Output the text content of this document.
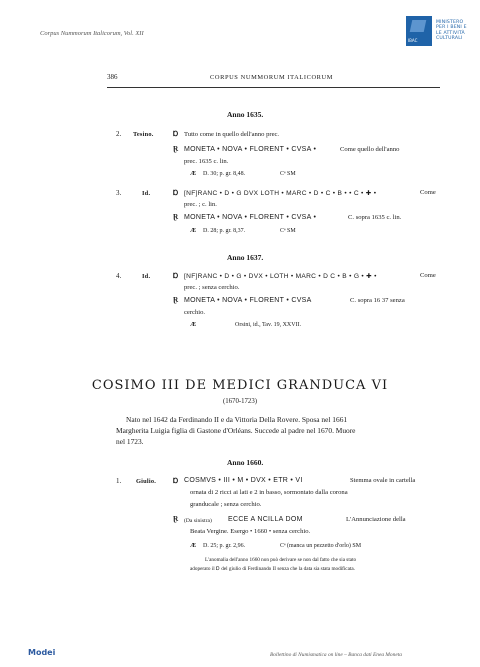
Corpus Nummorum Italicorum, Vol. XII
IBAC
MINISTERO
PER I BENI E
LE ATTIVITÀ
CULTURALI
386	CORPUS NUMMORUM ITALICORUM
Anno 1635.
2. Tesino.	Ɒ Tutto come in quello dell'anno prec.
Ɽ MONETA • NOVA • FLORENT • CVSA •	Come quello dell'anno
prec. 1635 c. lin.
Æ D. 30; p. gr. 8,48.	Cᵉ SM
3.	Id.	Ɒ [NF]RANC • D • G DVX LOTH • MARC • D • C • B • • C • ✚ •	Come
prec. ; c. lin.
Ɽ MONETA • NOVA • FLORENT • CVSA •	C. sopra 1635 c. lin.
Æ D. 28; p. gr. 8,37.	Cᵉ SM
Anno 1637.
4.	Id.	Ɒ [NF]RANC • D • G • DVX • LOTH • MARC • D C • B • G • ✚ •	Come
prec. ; senza cerchio.
Ɽ MONETA • NOVA • FLORENT • CVSA	C. sopra 16 37 senza
cerchio.
Æ	Orsini, id., Tav. 19, XXVII.
COSIMO III DE MEDICI GRANDUCA VI
(1670-1723)
Nato nel 1642 da Ferdinando II e da Vittoria Della Rovere. Sposa nel 1661
Margherita Luigia figlia di Gastone d'Orléans. Succede al padre nel 1670. Muore
nel 1723.
Anno 1660.
1. Giulio. Ɒ COSMVS • III • M • DVX • ETR • VI	Stemma ovale in cartella
ornata di 2 ricci ai lati e 2 in basso, sormontato dalla corona
granducale ; senza cerchio.
Ɽ (Da sinistra) ECCE A NCILLA DOM	L'Annunciazione della
Beata Vergine. Esergo • 1660 • senza cerchio.
Æ D. 25; p. gr. 2,96.	Cᵉ (manca un pezzetto d'orlo) SM
L'anomalia dell'anno 1660 non può derivare se non dal fatto che sia stato
adoperato il Ɒ del giulio di Ferdinando II senza che la data sia stata modificata.
Modei	Bollettino di Numismatica on line – Banca dati Enea Moneta
